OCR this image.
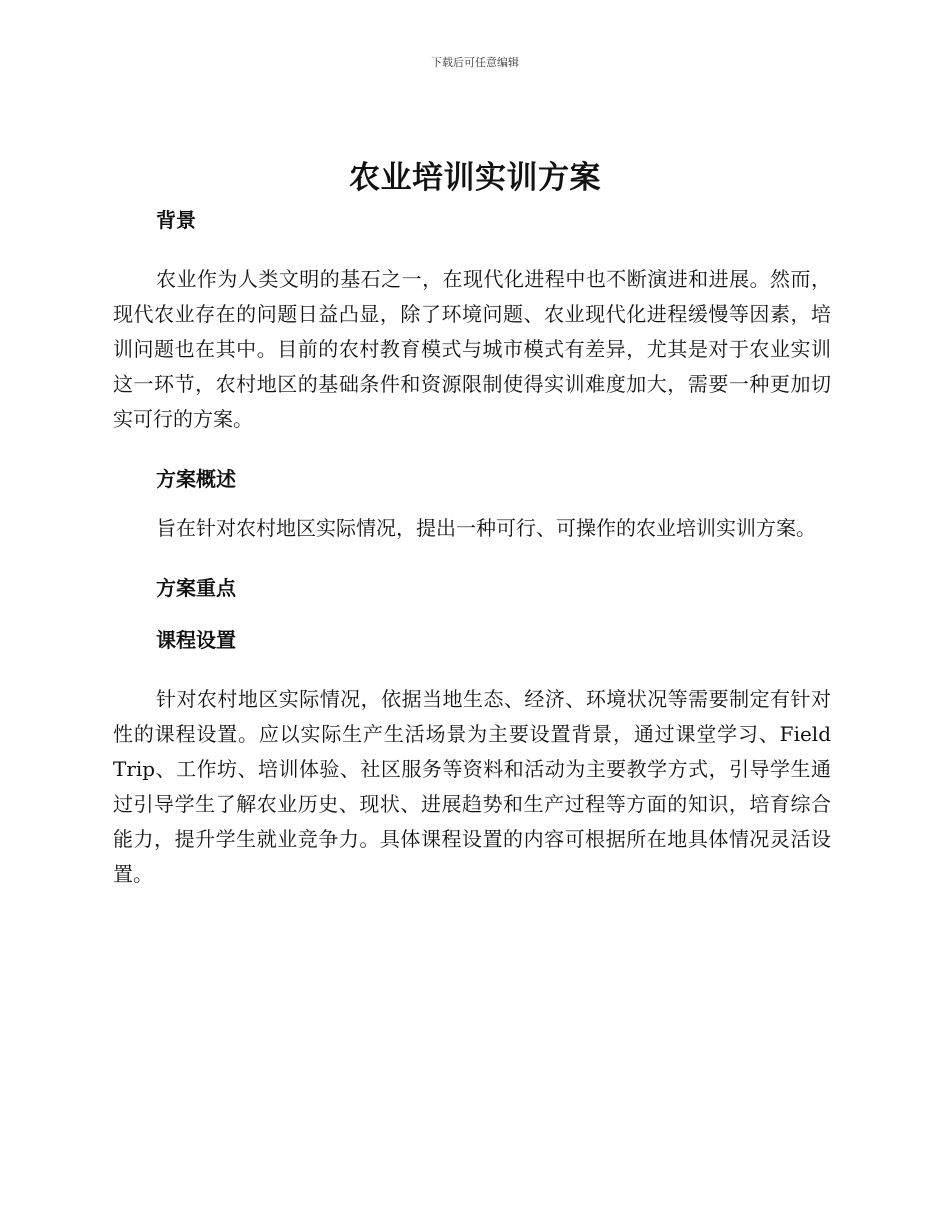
下载后可任意编辑
农业培训实训方案
背景

农业作为人类文明的基石之一，在现代化进程中也不断演进和进展。然而，现代农业存在的问题日益凸显，除了环境问题、农业现代化进程缓慢等因素，培训问题也在其中。目前的农村教育模式与城市模式有差异，尤其是对于农业实训这一环节，农村地区的基础条件和资源限制使得实训难度加大，需要一种更加切实可行的方案。

方案概述

旨在针对农村地区实际情况，提出一种可行、可操作的农业培训实训方案。

方案重点
课程设置

针对农村地区实际情况，依据当地生态、经济、环境状况等需要制定有针对性的课程设置。应以实际生产生活场景为主要设置背景，通过课堂学习、Field Trip、工作坊、培训体验、社区服务等资料和活动为主要教学方式，引导学生通过引导学生了解农业历史、现状、进展趋势和生产过程等方面的知识，培育综合能力，提升学生就业竞争力。具体课程设置的内容可根据所在地具体情况灵活设置。
